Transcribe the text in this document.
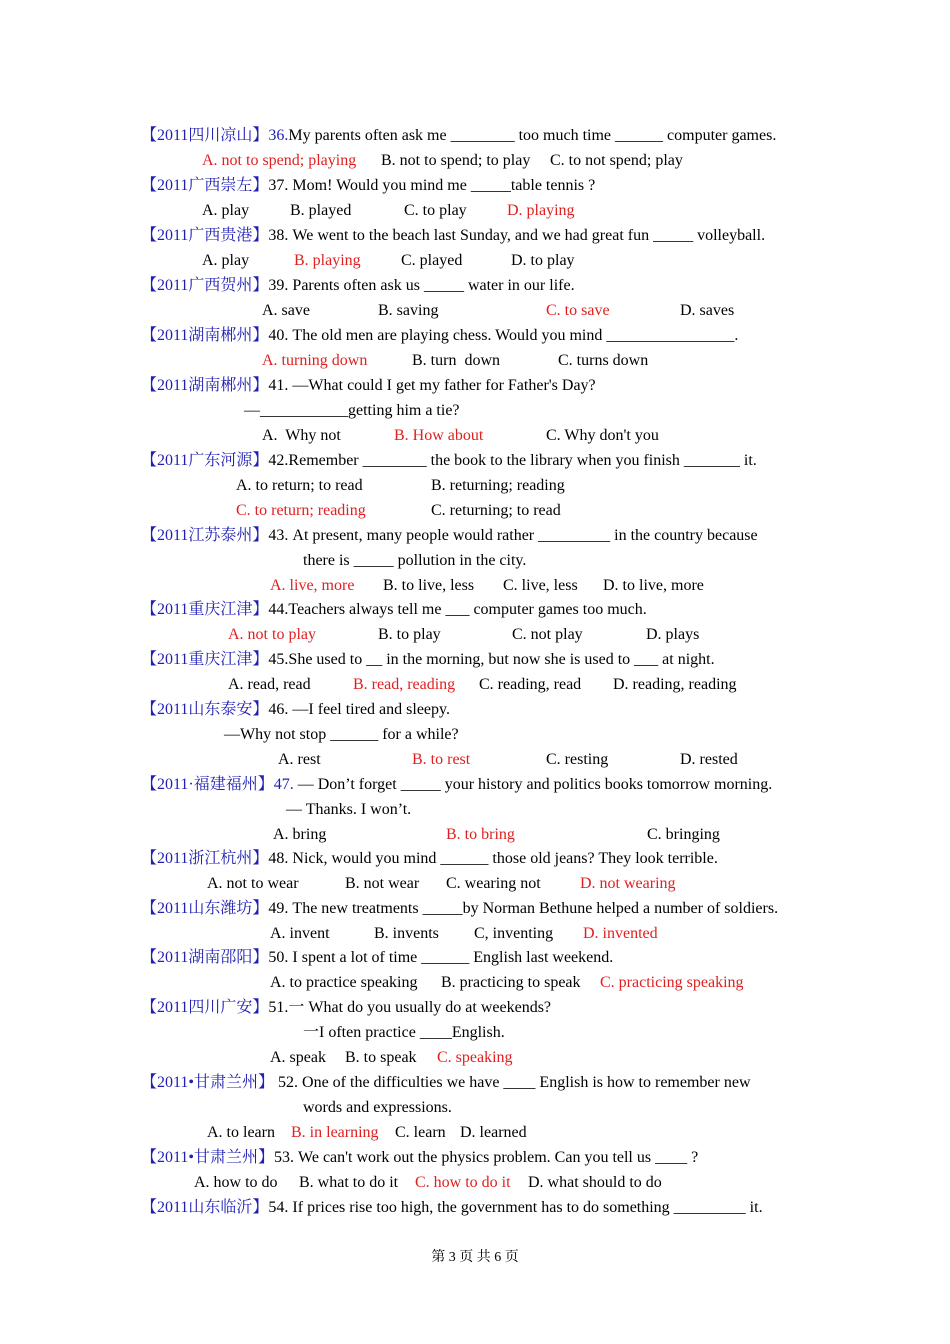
【2011四川凉山】36.My parents often ask me ________ too much time ______ computer games.
A. not to spend; playing B. not to spend; to play C. to not spend; play
【2011广西崇左】37. Mom! Would you mind me _____table tennis ?
A. play	B. played	C. to play	D. playing
【2011广西贵港】38. We went to the beach last Sunday, and we had great fun _____ volleyball.
A. play	B. playing	C. played	D. to play
【2011广西贺州】39. Parents often ask us _____ water in our life.
A. save	B. saving	C. to save	D. saves
【2011湖南郴州】40. The old men are playing chess. Would you mind ________________.
A. turning down	B. turn  down	C. turns down
【2011湖南郴州】41. —What could I get my father for Father's Day?
—___________getting him a tie?
A.  Why not	B. How about	C. Why don't you
【2011广东河源】42.Remember ________ the book to the library when you finish _______ it.
A. to return; to read	B. returning; reading
C. to return; reading	C. returning; to read
【2011江苏泰州】43. At present, many people would rather _________ in the country because
there is _____ pollution in the city.
A. live, more B. to live, less C. live, less D. to live, more
【2011重庆江津】44.Teachers always tell me ___ computer games too much.
A. not to play	B. to play	C. not play	D. plays
【2011重庆江津】45.She used to __ in the morning, but now she is used to ___ at night.
A. read, read	B. read, reading C. reading, read D. reading, reading
【2011山东泰安】46. —I feel tired and sleepy.
—Why not stop ______ for a while?
A. rest	B. to rest	C. resting	D. rested
【2011·福建福州】47. — Don’t forget _____ your history and politics books tomorrow morning.
— Thanks. I won’t.
A. bring	B. to bring	C. bringing
【2011浙江杭州】48. Nick, would you mind ______ those old jeans? They look terrible.
A. not to wear	B. not wear C. wearing not D. not wearing
【2011山东潍坊】49. The new treatments _____by Norman Bethune helped a number of soldiers.
A. invent	B. invents C, inventing D. invented
【2011湖南邵阳】50. I spent a lot of time ______ English last weekend.
A. to practice speaking B. practicing to speak C. practicing speaking
【2011四川广安】51.一 What do you usually do at weekends?
一I often practice ____English.
A. speak B. to speak C. speaking
【2011•甘肃兰州】 52. One of the difficulties we have ____ English is how to remember new
words and expressions.
A. to learn B. in learning C. learn D. learned
【2011•甘肃兰州】53. We can't work out the physics problem. Can you tell us ____ ?
A. how to do B. what to do it C. how to do it D. what should to do
【2011山东临沂】54. If prices rise too high, the government has to do something _________ it.
第 3 页 共 6 页
